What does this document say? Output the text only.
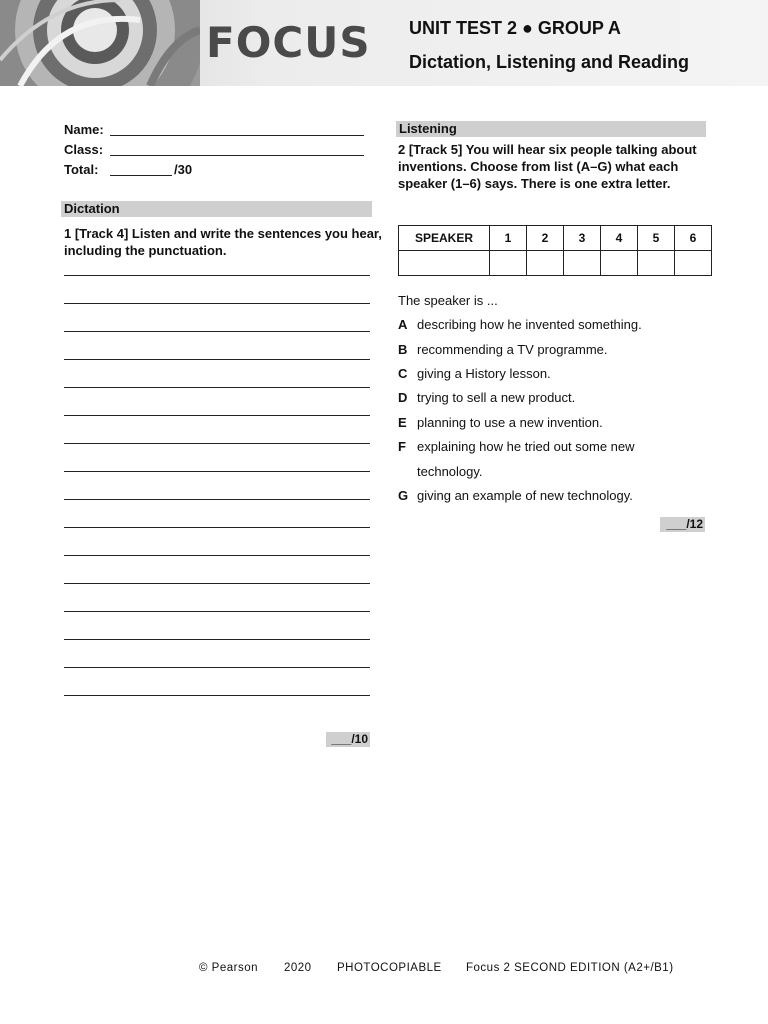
FOCUS UNIT TEST 2 ● GROUP A
Dictation, Listening and Reading
Name:
Class:
Total:	/30
Dictation
1 [Track 4] Listen and write the sentences you hear,
including the punctuation.
___/10
Listening
2 [Track 5] You will hear six people talking about
inventions. Choose from list (A–G) what each
speaker (1–6) says. There is one extra letter.
SPEAKER	1	2	3	4	5	6

The speaker is ...
A describing how he invented something.
B recommending a TV programme.
C giving a History lesson.
D trying to sell a new product.
E planning to use a new invention.
F explaining how he tried out some new
technology.
G giving an example of new technology.
___/12
© Pearson 2020 PHOTOCOPIABLE Focus 2 SECOND EDITION (A2+/B1)
